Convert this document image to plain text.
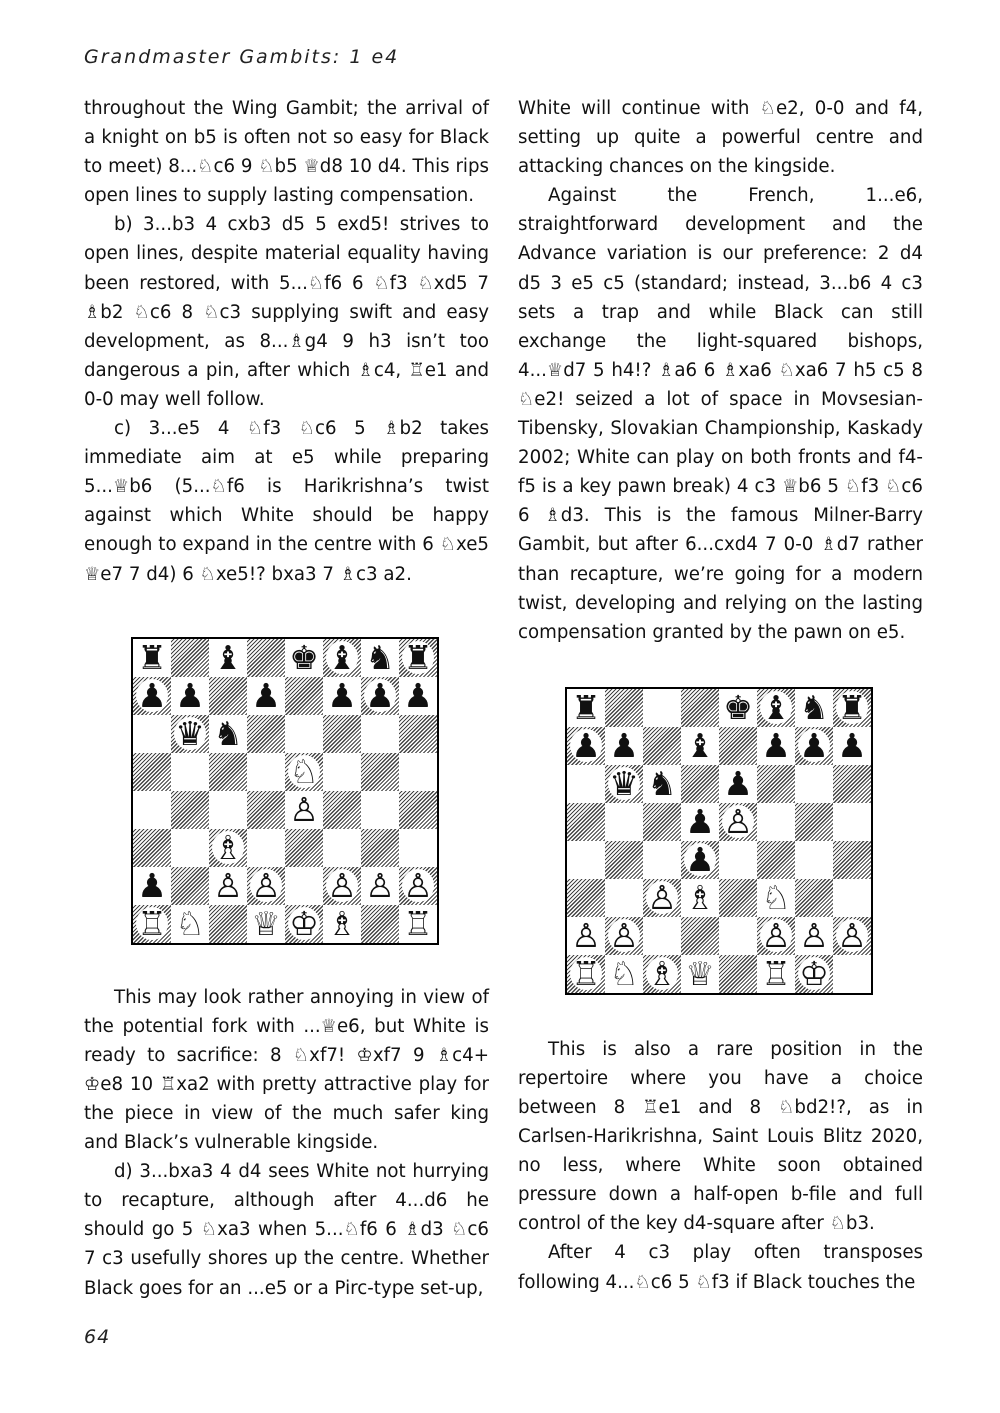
Grandmaster Gambits: 1 e4

throughout the Wing Gambit; the arrival of a knight on b5 is often not so easy for Black to meet) 8...♘c6 9 ♘b5 ♕d8 10 d4. This rips open lines to supply lasting compensation.

b) 3...b3 4 cxb3 d5 5 exd5! strives to open lines, despite material equality having been restored, with 5...♘f6 6 ♘f3 ♘xd5 7 ♗b2 ♘c6 8 ♘c3 supplying swift and easy development, as 8...♗g4 9 h3 isn’t too dangerous a pin, after which ♗c4, ♖e1 and 0-0 may well follow.

c) 3...e5 4 ♘f3 ♘c6 5 ♗b2 takes immediate aim at e5 while preparing 5...♕b6 (5...♘f6 is Harikrishna’s twist against which White should be happy enough to expand in the centre with 6 ♘xe5 ♕e7 7 d4) 6 ♘xe5!? bxa3 7 ♗c3 a2.

♜ ♝ ♚ ♝ ♞ ♜
♟ ♟ ♟ ♟ ♟ ♟
♛ ♞
♘
♙
♗
♟ ♙ ♙ ♙ ♙ ♙
♖ ♘ ♕ ♔ ♗ ♖

This may look rather annoying in view of the potential fork with ...♕e6, but White is ready to sacrifice: 8 ♘xf7! ♔xf7 9 ♗c4+ ♔e8 10 ♖xa2 with pretty attractive play for the piece in view of the much safer king and Black’s vulnerable kingside.

d) 3...bxa3 4 d4 sees White not hurrying to recapture, although after 4...d6 he should go 5 ♘xa3 when 5...♘f6 6 ♗d3 ♘c6 7 c3 usefully shores up the centre. Whether Black goes for an ...e5 or a Pirc-type set-up,

White will continue with ♘e2, 0-0 and f4, setting up quite a powerful centre and attacking chances on the kingside.

Against the French, 1...e6, straightforward development and the Advance variation is our preference: 2 d4 d5 3 e5 c5 (standard; instead, 3...b6 4 c3 sets a trap and while Black can still exchange the light-squared bishops, 4...♕d7 5 h4!? ♗a6 6 ♗xa6 ♘xa6 7 h5 c5 8 ♘e2! seized a lot of space in Movsesian-Tibensky, Slovakian Championship, Kaskady 2002; White can play on both fronts and f4-f5 is a key pawn break) 4 c3 ♕b6 5 ♘f3 ♘c6 6 ♗d3. This is the famous Milner-Barry Gambit, but after 6...cxd4 7 0-0 ♗d7 rather than recapture, we’re going for a modern twist, developing and relying on the lasting compensation granted by the pawn on e5.

♜	♚ ♝ ♞ ♜
♟ ♟ ♝ ♟ ♟ ♟
♛ ♞ ♟
♟ ♙
♟
♙ ♗ ♘
♙ ♙	♙ ♙ ♙
♖ ♘ ♗ ♕ ♖ ♔

This is also a rare position in the repertoire where you have a choice between 8 ♖e1 and 8 ♘bd2!?, as in Carlsen-Harikrishna, Saint Louis Blitz 2020, no less, where White soon obtained pressure down a half-open b-file and full control of the key d4-square after ♘b3.

After 4 c3 play often transposes following 4...♘c6 5 ♘f3 if Black touches the

64
